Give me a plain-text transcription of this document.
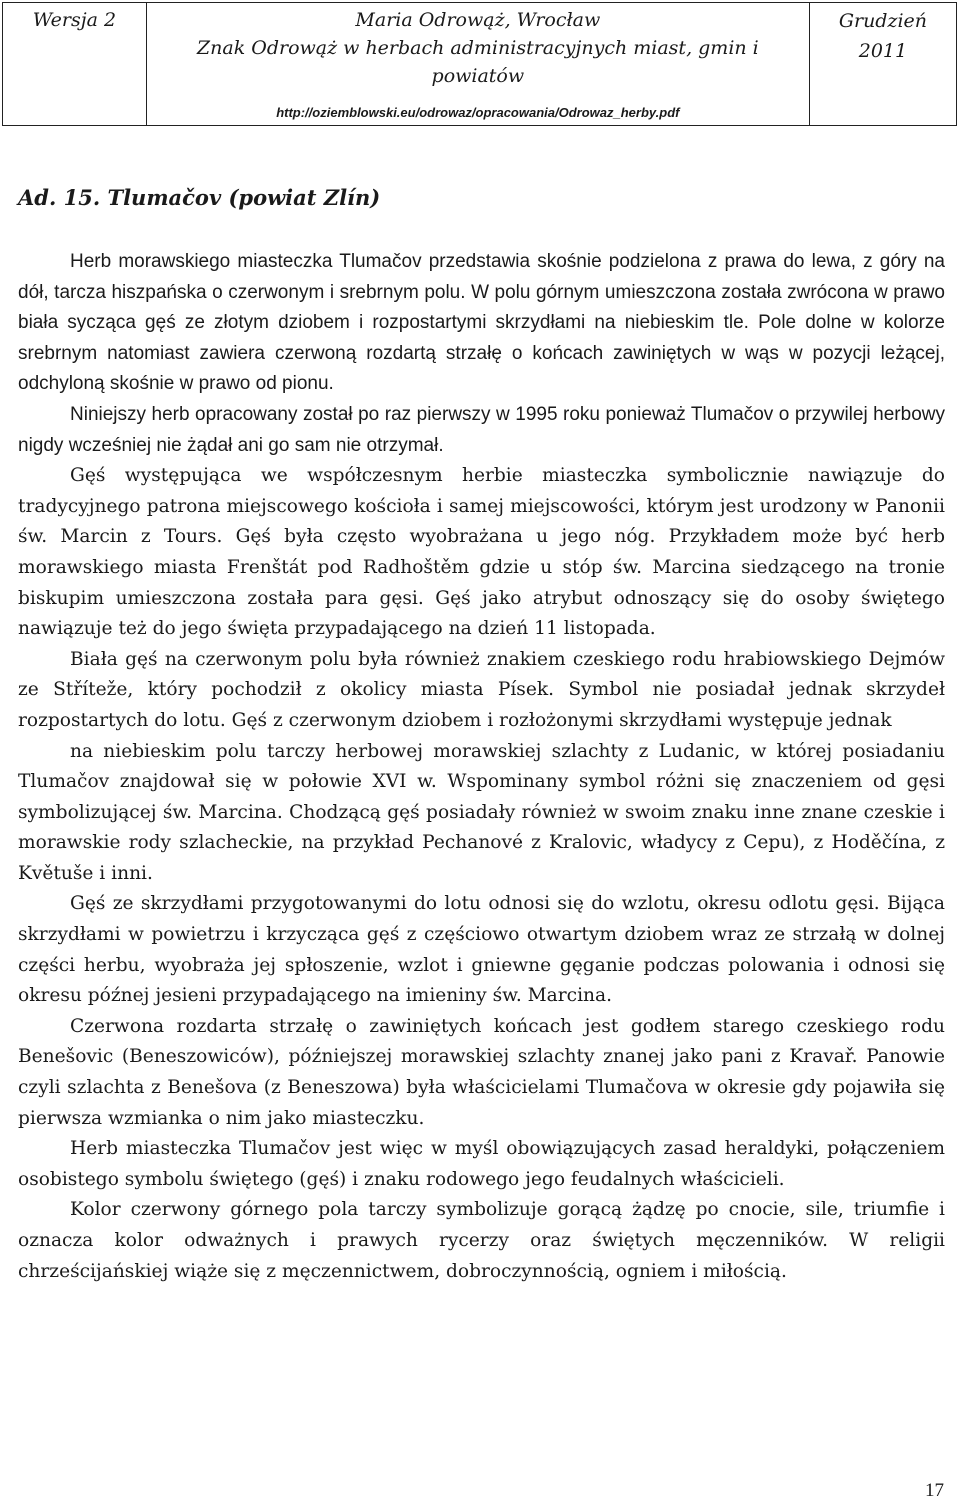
Wersja 2	Maria Odrowąż, Wrocław
Znak Odrowąż w herbach administracyjnych miast, gmin i powiatów
http://oziemblowski.eu/odrowaz/opracowania/Odrowaz_herby.pdf

Grudzień
2011
Ad. 15. Tlumačov (powiat Zlín)

Herb morawskiego miasteczka Tlumačov przedstawia skośnie podzielona z prawa do lewa, z góry na dół, tarcza hiszpańska o czerwonym i srebrnym polu. W polu górnym umieszczona została zwrócona w prawo biała sycząca gęś ze złotym dziobem i rozpostartymi skrzydłami na niebieskim tle. Pole dolne w kolorze srebrnym natomiast zawiera czerwoną rozdartą strzałę o końcach zawiniętych w wąs w pozycji leżącej, odchyloną skośnie w prawo od pionu.

Niniejszy herb opracowany został po raz pierwszy w 1995 roku ponieważ Tlumačov o przywilej herbowy nigdy wcześniej nie żądał ani go sam nie otrzymał.

Gęś występująca we współczesnym herbie miasteczka symbolicznie nawiązuje do tradycyjnego patrona miejscowego kościoła i samej miejscowości, którym jest urodzony w Panonii św. Marcin z Tours. Gęś była często wyobrażana u jego nóg. Przykładem może być herb morawskiego miasta Frenštát pod Radhoštěm gdzie u stóp św. Marcina siedzącego na tronie biskupim umieszczona została para gęsi. Gęś jako atrybut odnoszący się do osoby świętego nawiązuje też do jego święta przypadającego na dzień 11 listopada.

Biała gęś na czerwonym polu była również znakiem czeskiego rodu hrabiowskiego Dejmów ze Stříteže, który pochodził z okolicy miasta Písek. Symbol nie posiadał jednak skrzydeł rozpostartych do lotu. Gęś z czerwonym dziobem i rozłożonymi skrzydłami występuje jednak
na niebieskim polu tarczy herbowej morawskiej szlachty z Ludanic, w której posiadaniu Tlumačov znajdował się w połowie XVI w. Wspominany symbol różni się znaczeniem od gęsi symbolizującej św. Marcina. Chodzącą gęś posiadały również w swoim znaku inne znane czeskie i morawskie rody szlacheckie, na przykład Pechanové z Kralovic, władycy z Cepu), z Hoděčína, z Květuše i inni.

Gęś ze skrzydłami przygotowanymi do lotu odnosi się do wzlotu, okresu odlotu gęsi. Bijąca skrzydłami w powietrzu i krzycząca gęś z częściowo otwartym dziobem wraz ze strzałą w dolnej części herbu, wyobraża jej spłoszenie, wzlot i gniewne gęganie podczas polowania i odnosi się okresu późnej jesieni przypadającego na imieniny św. Marcina.

Czerwona rozdarta strzałę o zawiniętych końcach jest godłem starego czeskiego rodu Benešovic (Beneszowiców), późniejszej morawskiej szlachty znanej jako pani z Kravař. Panowie czyli szlachta z Benešova (z Beneszowa) była właścicielami Tlumačova w okresie gdy pojawiła się pierwsza wzmianka o nim jako miasteczku.

Herb miasteczka Tlumačov jest więc w myśl obowiązujących zasad heraldyki, połączeniem osobistego symbolu świętego (gęś) i znaku rodowego jego feudalnych właścicieli.

Kolor czerwony górnego pola tarczy symbolizuje gorącą żądzę po cnocie, sile, triumfie i oznacza kolor odważnych i prawych rycerzy oraz świętych męczenników. W religii chrześcijańskiej wiąże się z męczennictwem, dobroczynnością, ogniem i miłością.

17
